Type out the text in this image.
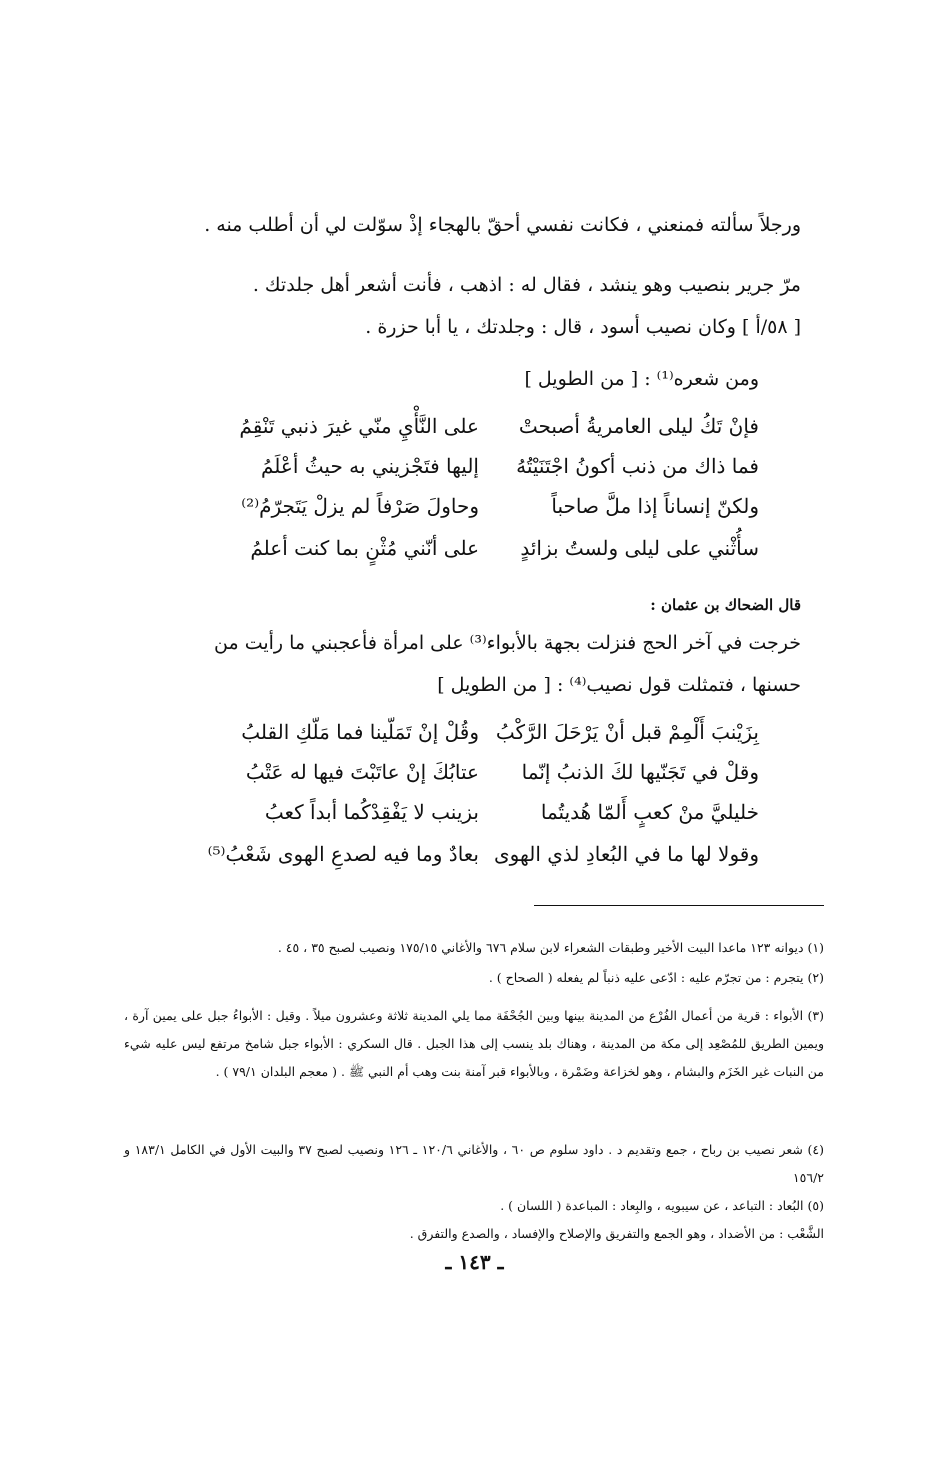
ورجلاً سألته فمنعني ، فكانت نفسي أحقّ بالهجاء إذْ سوّلت لي أن أطلب منه .
مرّ جرير بنصيب وهو ينشد ، فقال له : اذهب ، فأنت أشعر أهل جلدتك .
[ ٥٨/أ ] وكان نصيب أسود ، قال : وجلدتك ، يا أبا حزرة .
ومن شعره⁽¹⁾ : [ من الطويل ]
فإنْ تَكُ ليلى العامريةُ أصبحتْ
على النَّأْيِ منّي غيرَ ذنبي تَنْقِمُ
فما ذاك من ذنب أكونُ اجْتَنَيْتُهُ
إليها فتَجْزيني به حيثُ أعْلَمُ
ولكنّ إنساناً إذا ملَّ صاحباً
وحاولَ صَرْفاً لم يزلْ يَتَجرّمُ⁽²⁾
سأُثْني على ليلى ولستُ بزائدٍ
على أنّني مُثْنٍ بما كنت أعلمُ
قال الضحاك بن عثمان :
خرجت في آخر الحج فنزلت بجهة بالأبواء⁽³⁾ على امرأة فأعجبني ما رأيت من
حسنها ، فتمثلت قول نصيب⁽⁴⁾ : [ من الطويل ]
بِزَيْنبَ أَلْمِمْ قبل أنْ يَرْحَلَ الرَّكْبُ
وقُلْ إنْ تَمَلّينا فما مَلّكِ القلبُ
وقلْ في تَجَنّيها لكَ الذنبُ إنّما
عتابُكَ إنْ عاتَبْتَ فيها له عَتْبُ
خليليَّ منْ كعبٍ أَلمّا هُديتُما
بزينب لا يَفْقِدْكُما أبداً كعبُ
وقولا لها ما في البُعادِ لذي الهوى
بعادٌ وما فيه لصدعِ الهوى شَعْبُ⁽⁵⁾
(١) ديوانه ١٢٣ ماعدا البيت الأخير وطبقات الشعراء لابن سلام ٦٧٦ والأغاني ١٧٥/١٥ ونصيب لصبح ٣٥ ، ٤٥ .
(٢) يتجرم : من تجرّم عليه : ادّعى عليه ذنباً لم يفعله ( الصحاح ) .
(٣) الأبواء : قرية من أعمال الفُرْع من المدينة بينها وبين الجُحْفَة مما يلي المدينة ثلاثة وعشرون ميلاً . وقيل : الأبواءُ جبل على يمين آرة ، ويمين الطريق للمُصْعِد إلى مكة من المدينة ، وهناك بلد ينسب إلى هذا الجبل . قال السكري : الأبواء جبل شامخ مرتفع ليس عليه شيء من النبات غير الخَزَم والبشام ، وهو لخزاعة وضَمْرة ، وبالأبواء قبر آمنة بنت وهب أم النبي ﷺ . ( معجم البلدان ٧٩/١ ) .
(٤) شعر نصيب بن رباح ، جمع وتقديم د . داود سلوم ص ٦٠ ، والأغاني ١٢٠/٦ ـ ١٢٦ ونصيب لصبح ٣٧ والبيت الأول في الكامل ١٨٣/١ و ١٥٦/٢
(٥) البُعاد : التباعد ، عن سيبويه ، والبِعاد : المباعدة ( اللسان ) .
الشَّعْب : من الأضداد ، وهو الجمع والتفريق والإصلاح والإفساد ، والصدع والتفرق .
ـ ١٤٣ ـ
